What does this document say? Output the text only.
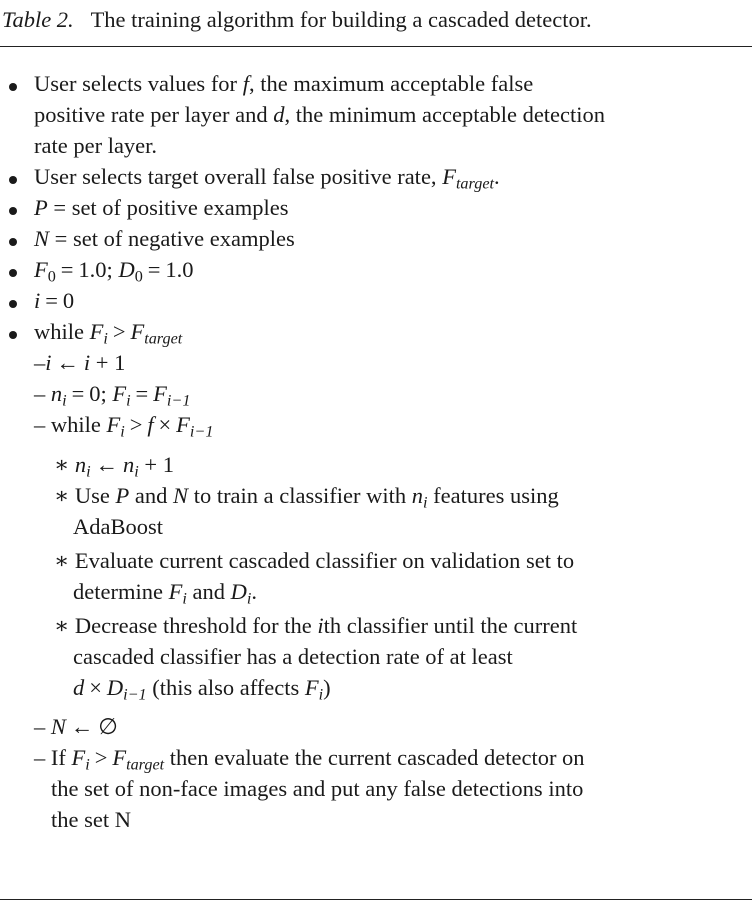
Table 2. The training algorithm for building a cascaded detector.
User selects values for f, the maximum acceptable false
positive rate per layer and d, the minimum acceptable detection
rate per layer.
User selects target overall false positive rate, $F_{target}$.
P = set of positive examples
N = set of negative examples
$F_0 = 1.0$; $D_0 = 1.0$
i = 0
while $F_i > F_{target}$
–i ← i + 1
– $n_i = 0$; $F_i = F_{i-1}$
– while $F_i > f \times F_{i-1}$
∗ $n_i$ ← $n_i + 1$
∗ Use P and N to train a classifier with $n_i$ features using
AdaBoost
∗ Evaluate current cascaded classifier on validation set to
determine $F_i$ and $D_i$.
∗ Decrease threshold for the ith classifier until the current
cascaded classifier has a detection rate of at least
$d \times D_{i-1}$ (this also affects $F_i$)
– N ← ∅
– If $F_i > F_{target}$ then evaluate the current cascaded detector on
the set of non-face images and put any false detections into
the set N
